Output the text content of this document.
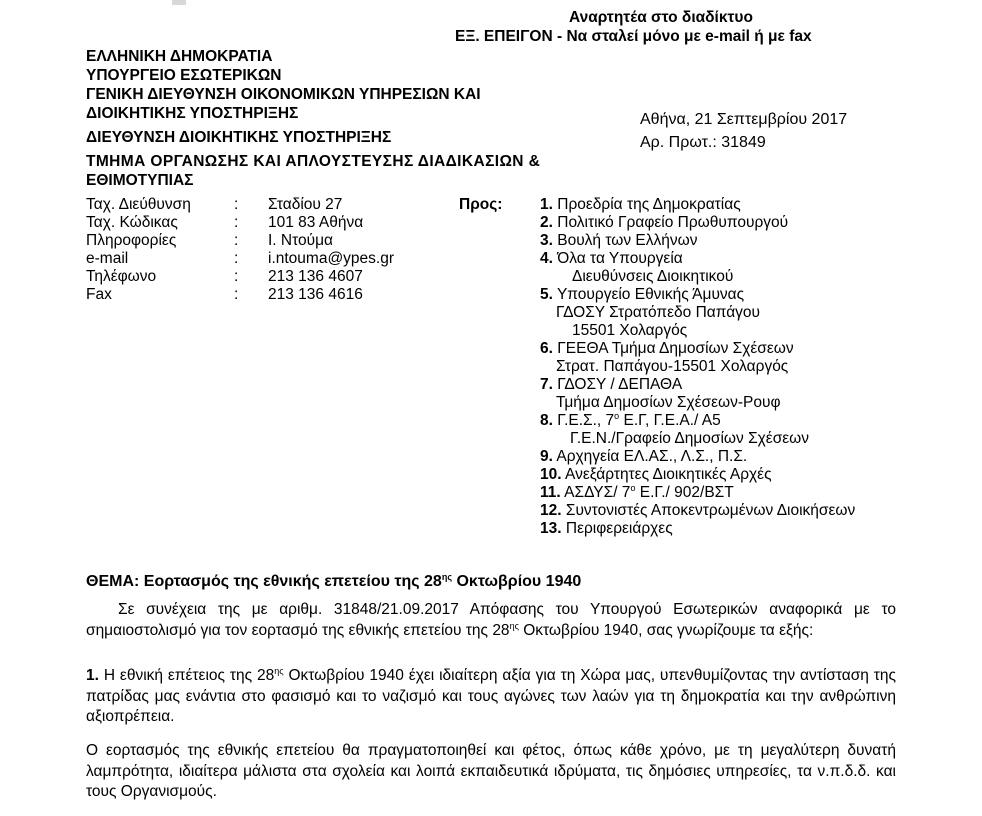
Αναρτητέα στο διαδίκτυο
ΕΞ. ΕΠΕΙΓΟΝ - Να σταλεί μόνο με e-mail ή με fax
ΕΛΛΗΝΙΚΗ ΔΗΜΟΚΡΑΤΙΑ
ΥΠΟΥΡΓΕΙΟ ΕΣΩΤΕΡΙΚΩΝ
ΓΕΝΙΚΗ ΔΙΕΥΘΥΝΣΗ ΟΙΚΟΝΟΜΙΚΩΝ ΥΠΗΡΕΣΙΩΝ ΚΑΙ
ΔΙΟΙΚΗΤΙΚΗΣ ΥΠΟΣΤΗΡΙΞΗΣ
ΔΙΕΥΘΥΝΣΗ ΔΙΟΙΚΗΤΙΚΗΣ ΥΠΟΣΤΗΡΙΞΗΣ
ΤΜΗΜΑ ΟΡΓΑΝΩΣΗΣ ΚΑΙ ΑΠΛΟΥΣΤΕΥΣΗΣ ΔΙΑΔΙΚΑΣΙΩΝ &
ΕΘΙΜΟΤΥΠΙΑΣ
Αθήνα, 21 Σεπτεμβρίου 2017
Αρ. Πρωτ.: 31849
Ταχ. Διεύθυνση	:	Σταδίου 27
Ταχ. Κώδικας	:	101 83 Αθήνα
Πληροφορίες	:	Ι. Ντούμα
e-mail	:	i.ntouma@ypes.gr
Τηλέφωνο	:	213 136 4607
Fax	:	213 136 4616
Προς: 1. Προεδρία της Δημοκρατίας
2. Πολιτικό Γραφείο Πρωθυπουργού
3. Βουλή των Ελλήνων
4. Όλα τα Υπουργεία
Διευθύνσεις Διοικητικού
5. Υπουργείο Εθνικής Άμυνας
ΓΔΟΣΥ Στρατόπεδο Παπάγου
15501 Χολαργός
6. ΓΕΕΘΑ Τμήμα Δημοσίων Σχέσεων
Στρατ. Παπάγου-15501 Χολαργός
7. ΓΔΟΣΥ / ΔΕΠΑΘΑ
Τμήμα Δημοσίων Σχέσεων-Ρουφ
8. Γ.Ε.Σ., $7^o$ Ε.Γ, Γ.Ε.Α./ Α5
Γ.Ε.Ν./Γραφείο Δημοσίων Σχέσεων
9. Αρχηγεία ΕΛ.ΑΣ., Λ.Σ., Π.Σ.
10. Ανεξάρτητες Διοικητικές Αρχές
11. ΑΣΔΥΣ/ $7^o$ Ε.Γ./ 902/ΒΣΤ
12. Συντονιστές Αποκεντρωμένων Διοικήσεων
13. Περιφερειάρχες
ΘΕΜΑ: Εορτασμός της εθνικής επετείου της $28^{\eta\varsigma}$ Οκτωβρίου 1940
Σε συνέχεια της με αριθμ. 31848/21.09.2017 Απόφασης του Υπουργού Εσωτερικών αναφορικά με το σημαιοστολισμό για τον εορτασμό της εθνικής επετείου της $28^{\eta\varsigma}$ Οκτωβρίου 1940, σας γνωρίζουμε τα εξής:
1. Η εθνική επέτειος της $28^{\eta\varsigma}$ Οκτωβρίου 1940 έχει ιδιαίτερη αξία για τη Χώρα μας, υπενθυμίζοντας την αντίσταση της πατρίδας μας ενάντια στο φασισμό και το ναζισμό και τους αγώνες των λαών για τη δημοκρατία και την ανθρώπινη αξιοπρέπεια.
Ο εορτασμός της εθνικής επετείου θα πραγματοποιηθεί και φέτος, όπως κάθε χρόνο, με τη μεγαλύτερη δυνατή λαμπρότητα, ιδιαίτερα μάλιστα στα σχολεία και λοιπά εκπαιδευτικά ιδρύματα, τις δημόσιες υπηρεσίες, τα ν.π.δ.δ. και τους Οργανισμούς.
